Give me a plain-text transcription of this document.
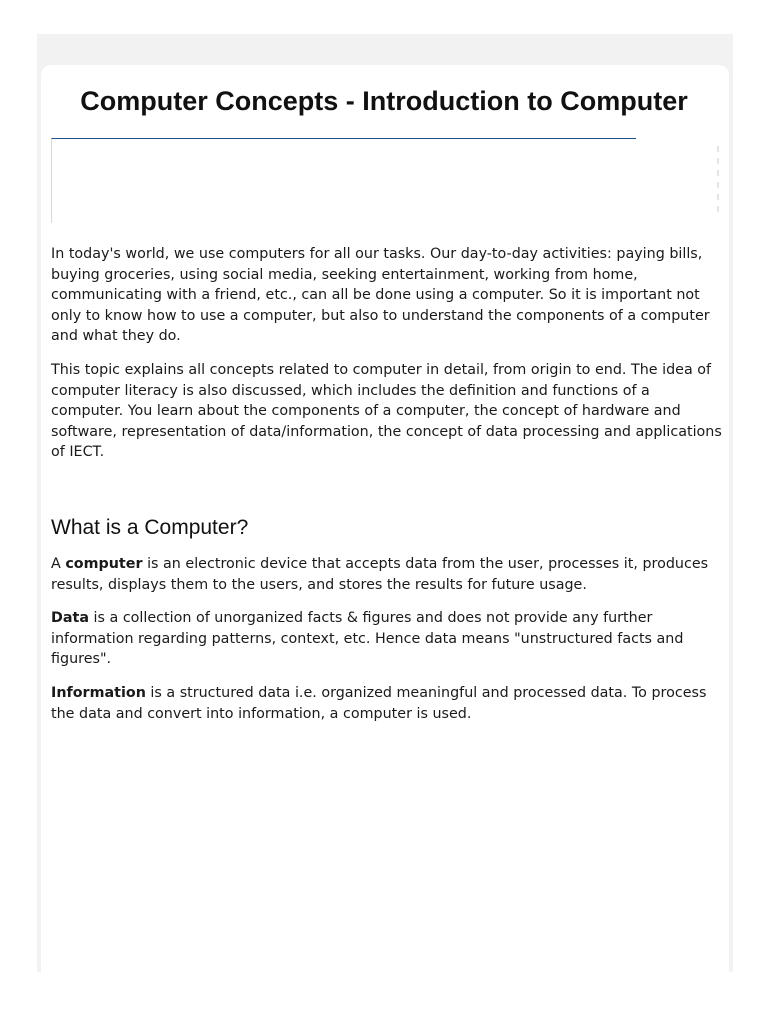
Computer Concepts - Introduction to Computer

In today's world, we use computers for all our tasks. Our day-to-day activities: paying bills, buying groceries, using social media, seeking entertainment, working from home, communicating with a friend, etc., can all be done using a computer. So it is important not only to know how to use a computer, but also to understand the components of a computer and what they do.

This topic explains all concepts related to computer in detail, from origin to end. The idea of computer literacy is also discussed, which includes the definition and functions of a computer. You learn about the components of a computer, the concept of hardware and software, representation of data/information, the concept of data processing and applications of IECT.

What is a Computer?

A computer is an electronic device that accepts data from the user, processes it, produces results, displays them to the users, and stores the results for future usage.

Data is a collection of unorganized facts & figures and does not provide any further information regarding patterns, context, etc. Hence data means "unstructured facts and figures".

Information is a structured data i.e. organized meaningful and processed data. To process the data and convert into information, a computer is used.
